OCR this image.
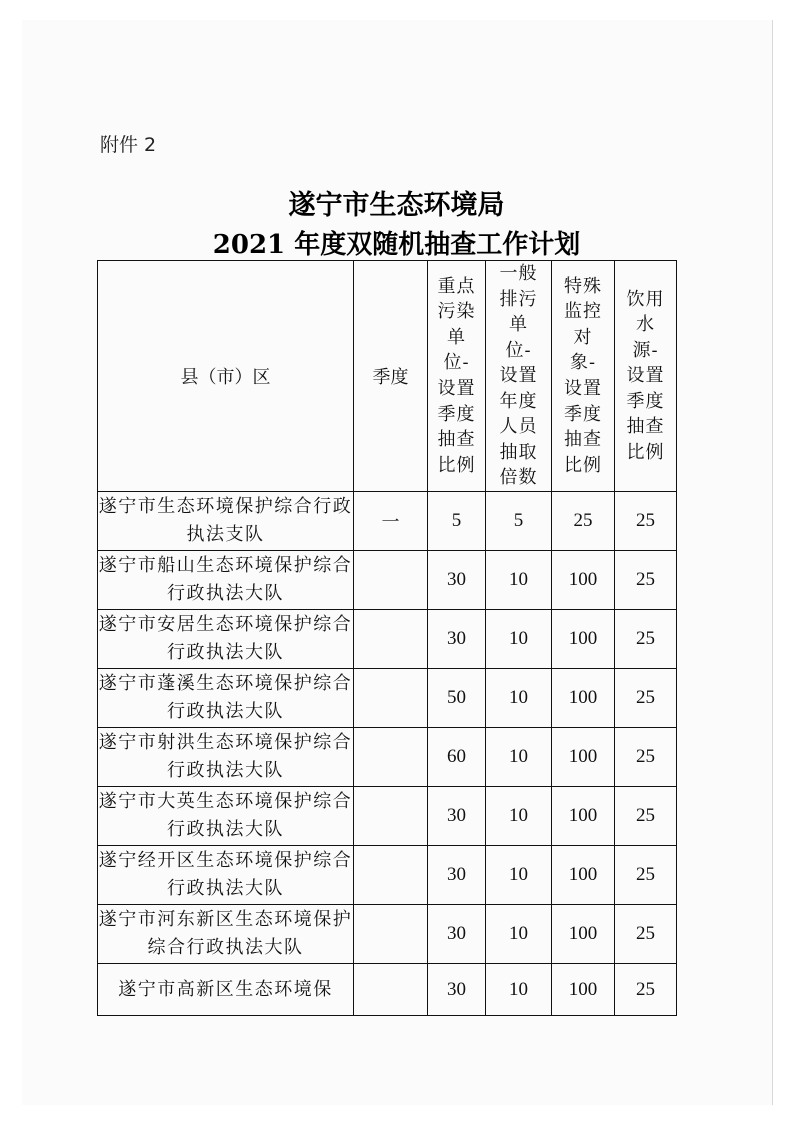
附件 2
遂宁市生态环境局
2021 年度双随机抽查工作计划
县（市）区	季度	重点污染单位-设置季度抽查比例	一般排污单位-设置年度人员抽取倍数	特殊监控对象-设置季度抽查比例	饮用水源-设置季度抽查比例
遂宁市生态环境保护综合行政执法支队	一	5	5	25	25
遂宁市船山生态环境保护综合行政执法大队		30	10	100	25
遂宁市安居生态环境保护综合行政执法大队		30	10	100	25
遂宁市蓬溪生态环境保护综合行政执法大队		50	10	100	25
遂宁市射洪生态环境保护综合行政执法大队		60	10	100	25
遂宁市大英生态环境保护综合行政执法大队		30	10	100	25
遂宁经开区生态环境保护综合行政执法大队		30	10	100	25
遂宁市河东新区生态环境保护综合行政执法大队		30	10	100	25
遂宁市高新区生态环境保		30	10	100	25
